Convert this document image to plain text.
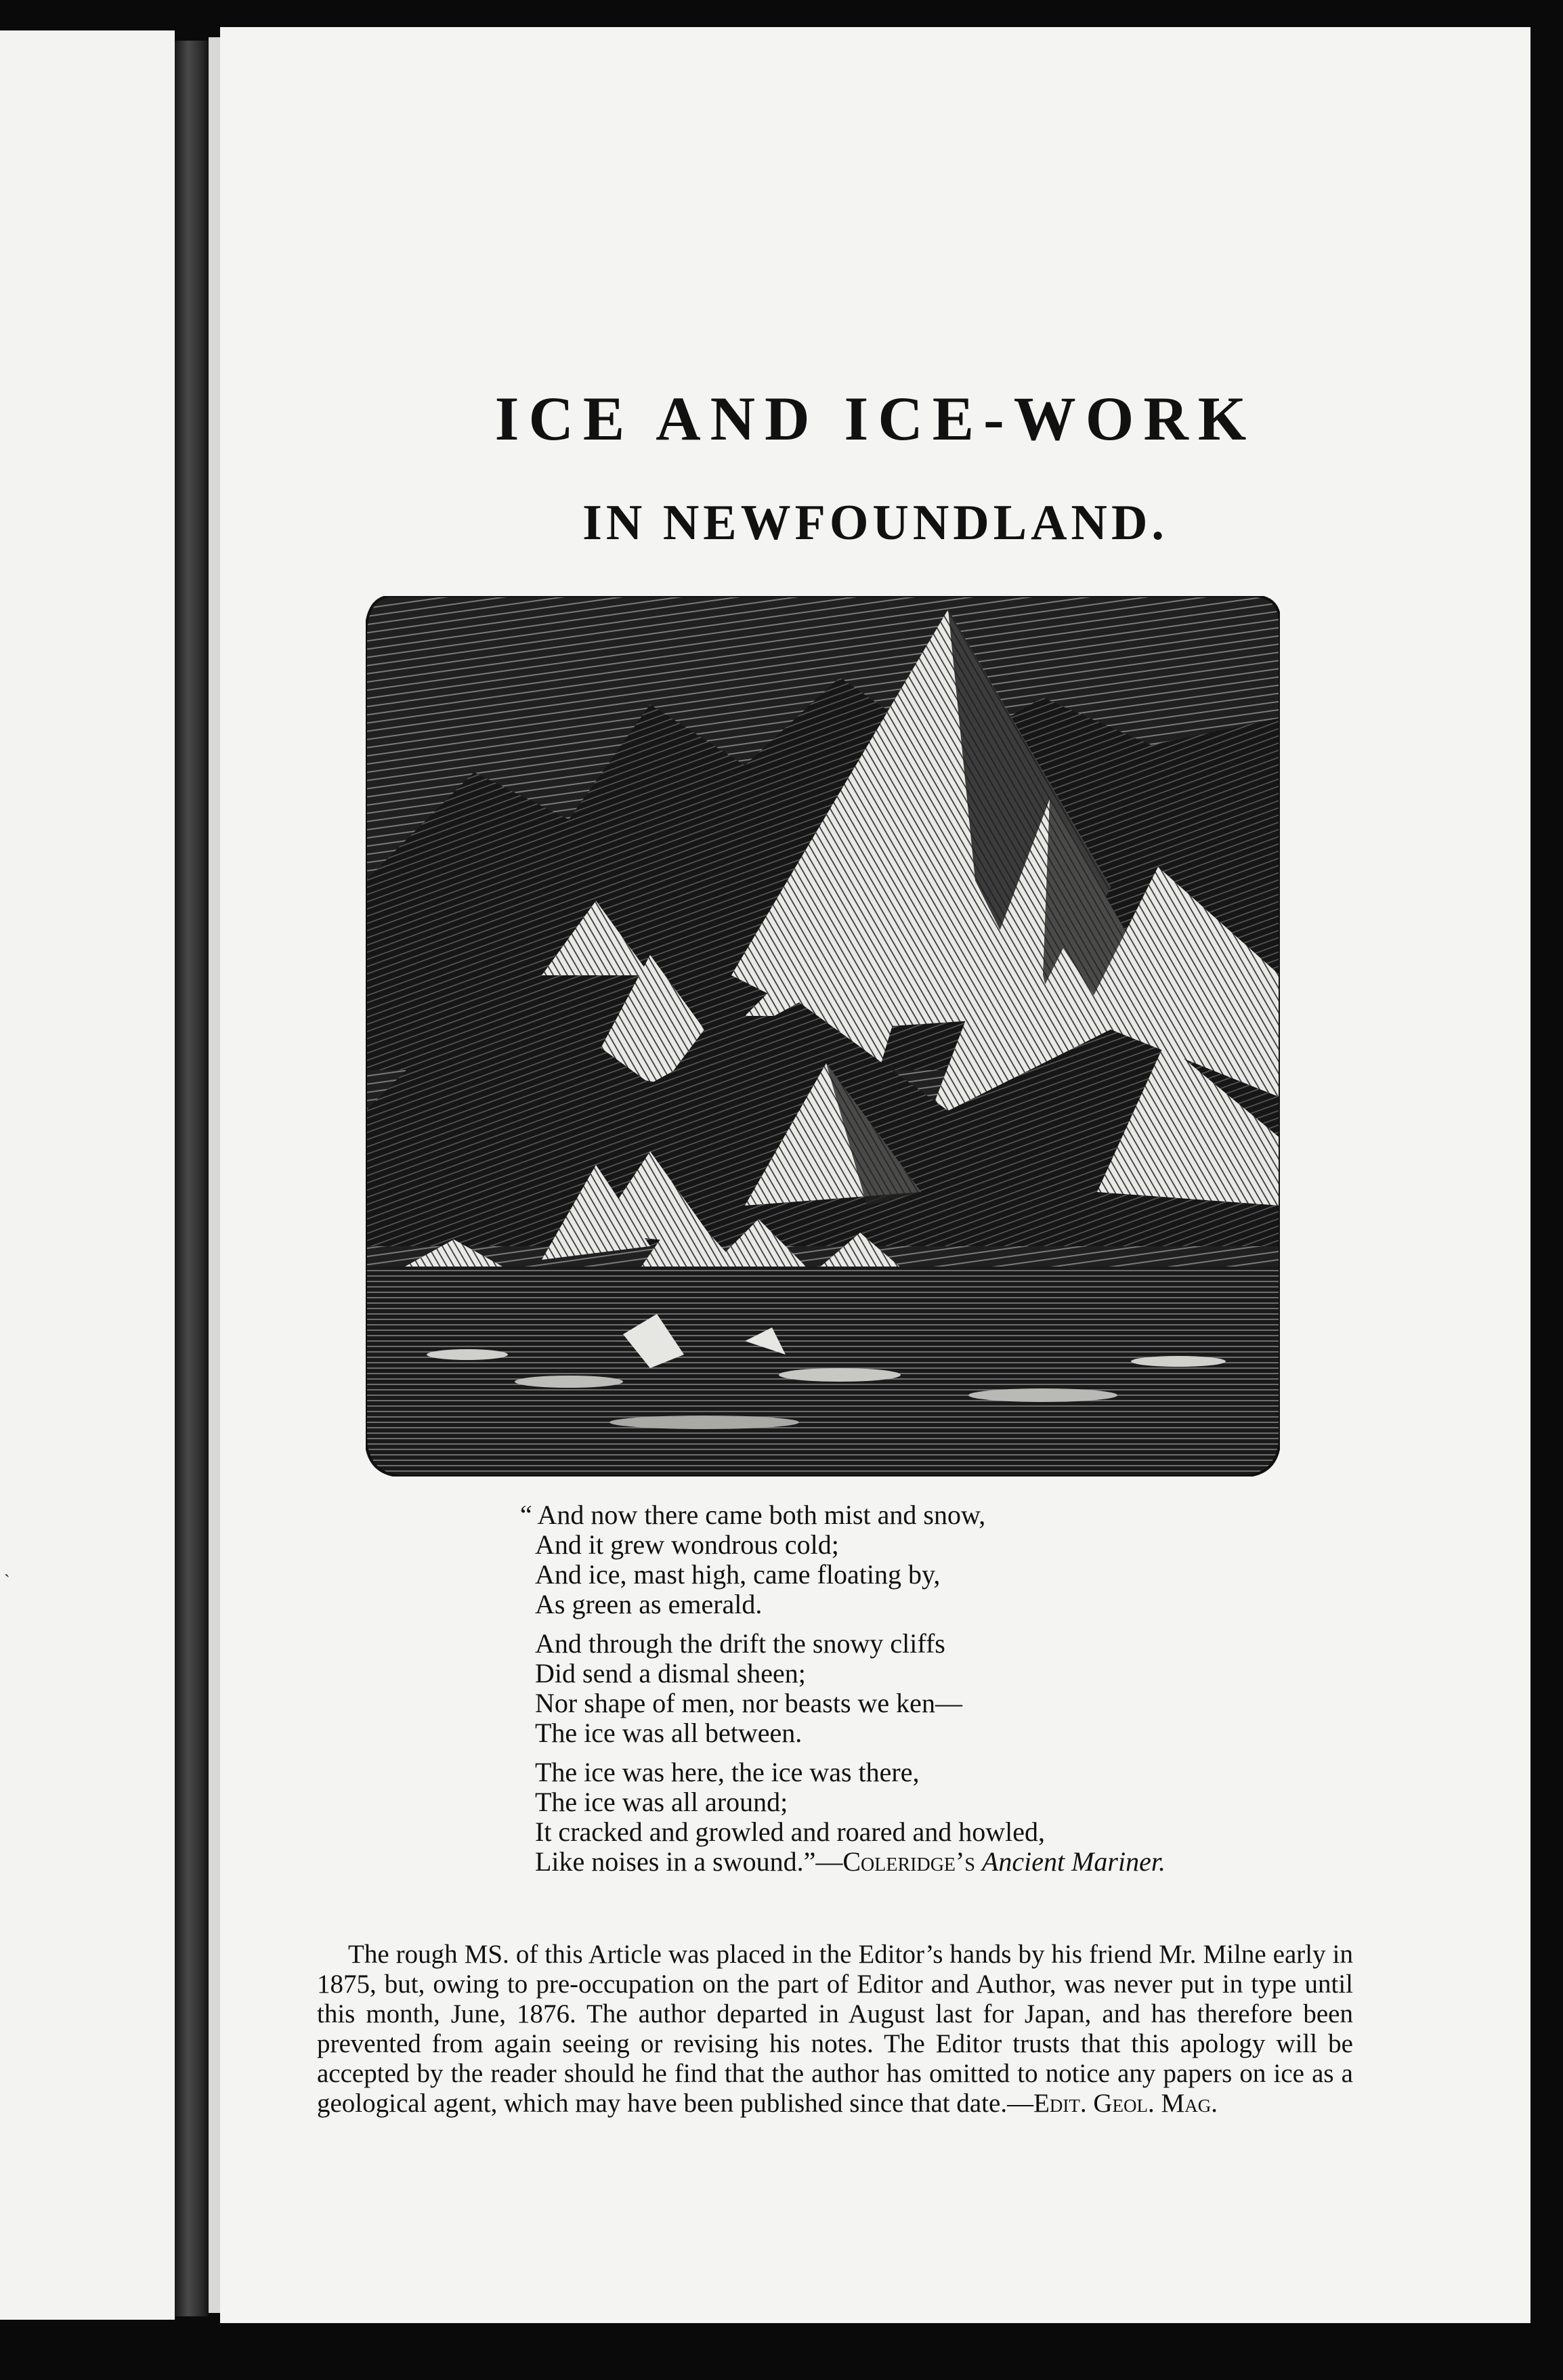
ˏ
ICE AND ICE-WORK
IN NEWFOUNDLAND.
“ And now there came both mist and snow,
And it grew wondrous cold;
And ice, mast high, came floating by,
As green as emerald.
And through the drift the snowy cliffs
Did send a dismal sheen;
Nor shape of men, nor beasts we ken—
The ice was all between.
The ice was here, the ice was there,
The ice was all around;
It cracked and growled and roared and howled,
Like noises in a swound.”—Coleridge’s Ancient Mariner.

The rough MS. of this Article was placed in the Editor’s hands by his friend Mr. Milne early in 1875, but, owing to pre-occupation on the part of Editor and Author, was never put in type until this month, June, 1876. The author departed in August last for Japan, and has therefore been prevented from again seeing or revising his notes. The Editor trusts that this apology will be accepted by the reader should he find that the author has omitted to notice any papers on ice as a geological agent, which may have been published since that date.—Edit. Geol. Mag.
